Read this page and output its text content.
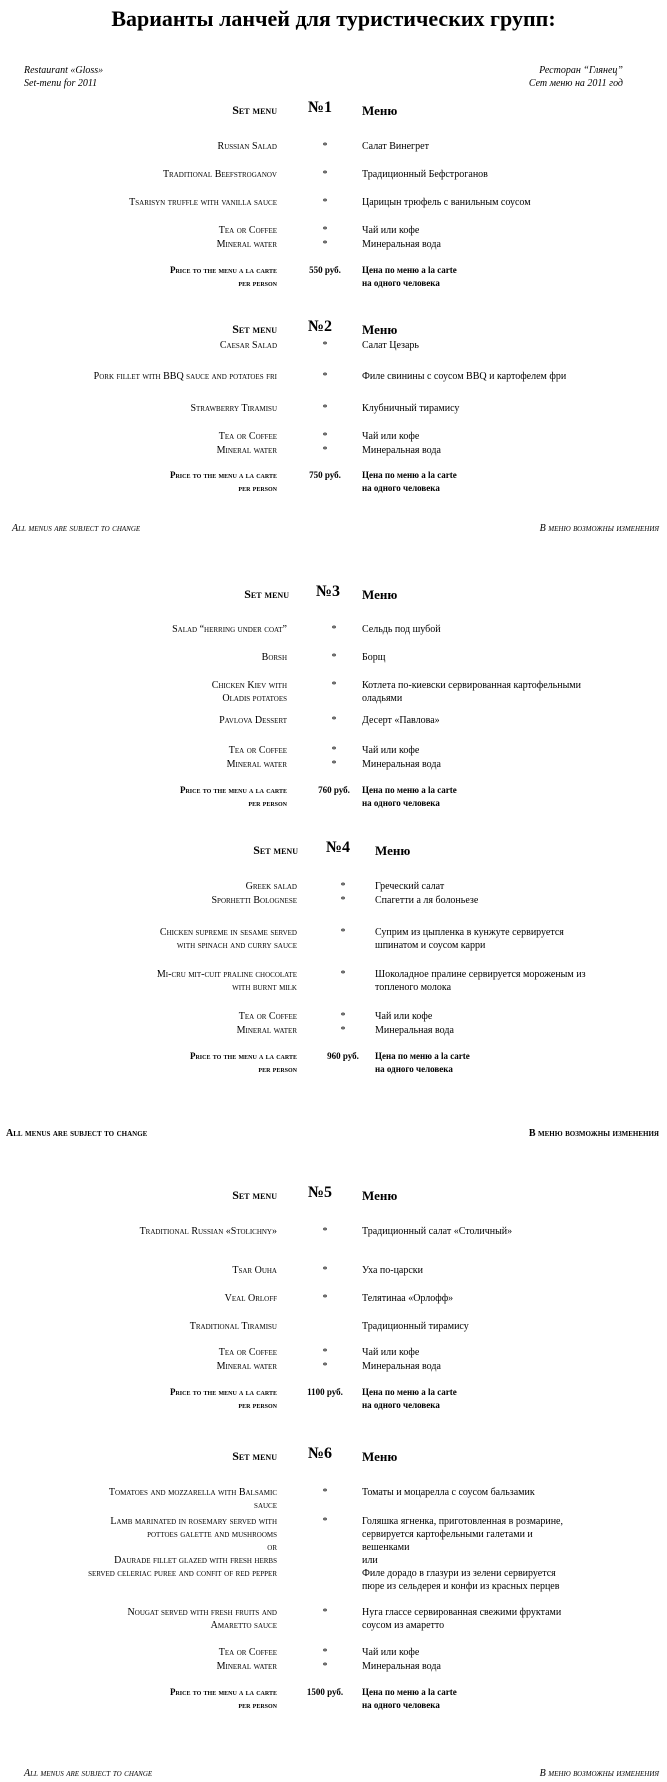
Варианты ланчей для туристических групп:
Restaurant «Gloss»
Set-menu for 2011
Ресторан “Глянец”
Сет меню на 2011 год
Set menu	№1	Меню
Russian Salad	*	Салат Винегрет
Traditional Beefstroganov	*	Традиционный Бефстроганов
Tsarisyn truffle with vanilla sauce	*	Царицын трюфель с ванильным соусом
Tea or Coffee	*	Чай или кофе
Mineral water	*	Минеральная вода
Price to the menu a la carte
per person
550 руб.	Цена по меню а la carte
на одного человека
Set menu	№2	Меню
Caesar Salad	*	Салат Цезарь
Pork fillet with BBQ sauce and potatoes fri	*	Филе свинины с соусом BBQ и картофелем фри
Strawberry Tiramisu	*	Клубничный тирамису
Tea or Coffee	*	Чай или кофе
Mineral water	*	Минеральная вода
Price to the menu a la carte
per person
750 руб.	Цена по меню а la carte
на одного человека
Set menu	№3	Меню
Salad “herring under coat”	*	Сельдь под шубой
Borsh	*	Борщ
Chicken Kiev with
Oladis potatoes
*	Котлета по-киевски сервированная картофельными
оладьями
Pavlova Dessert	*	Десерт «Павлова»
Tea or Coffee	*	Чай или кофе
Mineral water	*	Минеральная вода
Price to the menu a la carte
per person
760 руб.	Цена по меню а la carte
на одного человека
Set menu	№4	Меню
Greek salad	*	Греческий салат
Sporhetti Bolognese	*	Спагетти а ля болоньезе
Chicken supreme in sesame served
with spinach and curry sauce
*	Суприм из цыпленка в кунжуте сервируется
шпинатом и соусом карри
Mi-cru mit-cuit praline chocolate
with burnt milk
*	Шоколадное пралине сервируется мороженым из
топленого молока
Tea or Coffee	*	Чай или кофе
Mineral water	*	Минеральная вода
Price to the menu a la carte
per person
960 руб.	Цена по меню а la carte
на одного человека
Set menu	№5	Меню
Traditional Russian «Stolichny»	*	Традиционный салат «Столичный»
Tsar Ouha	*	Уха по-царски
Veal Orloff	*	Телятинаа «Орлофф»
Traditional Tiramisu	Традиционный тирамису
Tea or Coffee	*	Чай или кофе
Mineral water	*	Минеральная вода
Price to the menu a la carte
per person
1100 руб.	Цена по меню а la carte
на одного человека
Set menu	№6	Меню
Tomatoes and mozzarella with Balsamic
sauce
*	Томаты и моцарелла с соусом бальзамик
Lamb marinated in rosemary served with
pottoes galette and mushrooms
or
Daurade fillet glazed with fresh herbs
served celeriac puree and confit of red pepper
*	Голяшка ягненка, приготовленная в розмарине,
сервируется картофельными галетами и
вешенками
или
Филе дорадо в глазури из зелени сервируется
пюре из сельдерея и конфи из красных перцев
Nougat served with fresh fruits and
Amaretto sauce
*	Нуга глассе сервированная свежими фруктами
соусом из амаретто
Tea or Coffee	*	Чай или кофе
Mineral water	*	Минеральная вода
Price to the menu a la carte
per person
1500 руб.	Цена по меню а la carte
на одного человека
All menus are subject to change	В меню возможны изменения
All menus are subject to change	В меню возможны изменения
All menus are subject to change	В меню возможны изменения
